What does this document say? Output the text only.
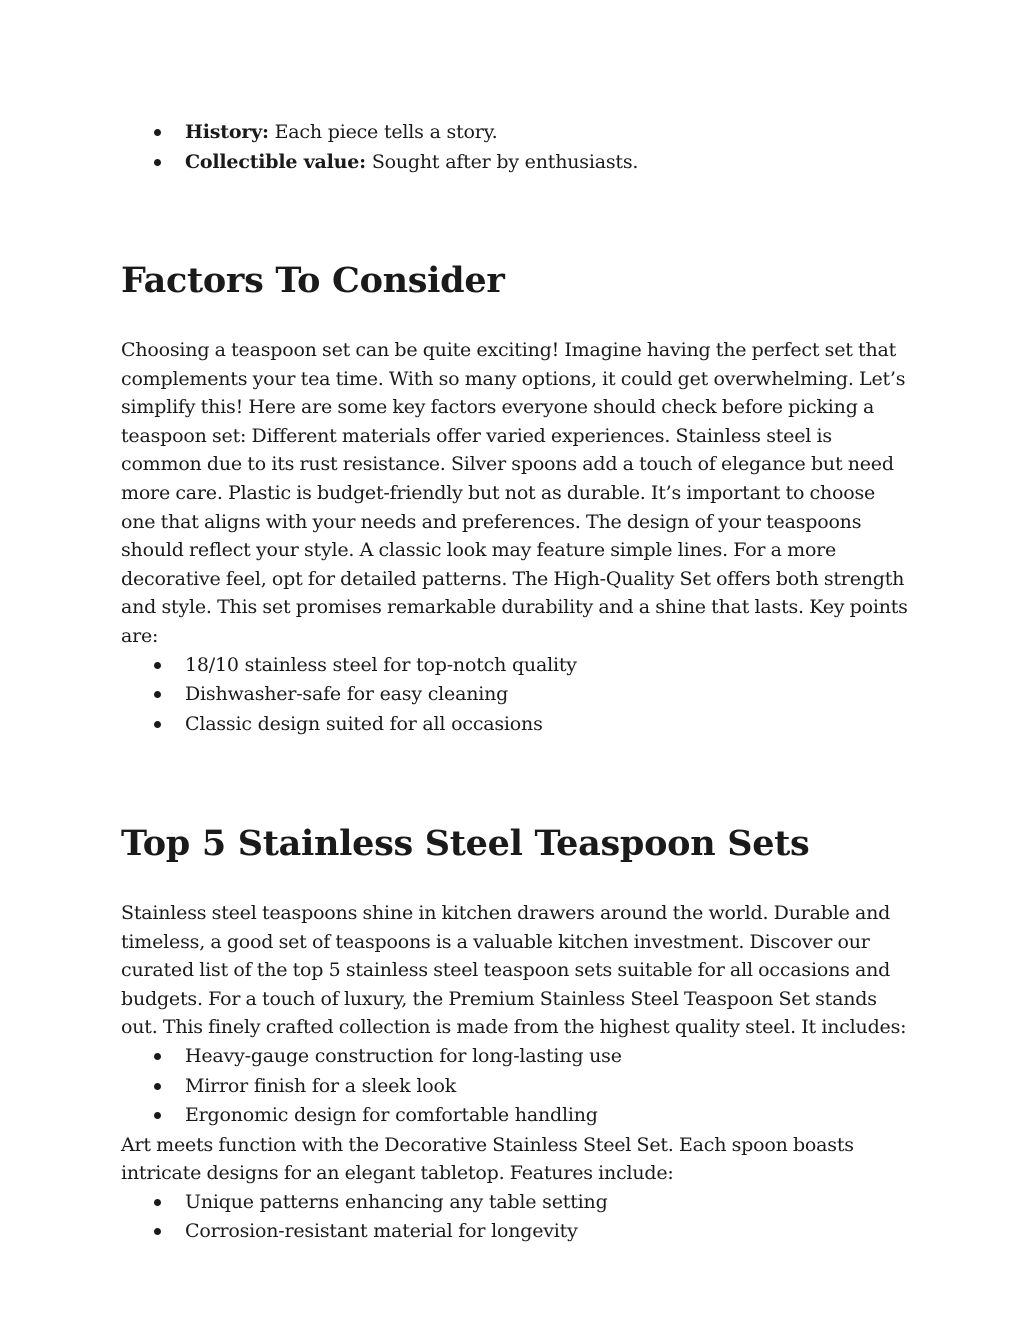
History: Each piece tells a story.
Collectible value: Sought after by enthusiasts.
Factors To Consider

Choosing a teaspoon set can be quite exciting! Imagine having the perfect set that complements your tea time. With so many options, it could get overwhelming. Let’s simplify this! Here are some key factors everyone should check before picking a teaspoon set: Different materials offer varied experiences. Stainless steel is common due to its rust resistance. Silver spoons add a touch of elegance but need more care. Plastic is budget-friendly but not as durable. It’s important to choose one that aligns with your needs and preferences. The design of your teaspoons should reflect your style. A classic look may feature simple lines. For a more decorative feel, opt for detailed patterns. The High-Quality Set offers both strength and style. This set promises remarkable durability and a shine that lasts. Key points are:

18/10 stainless steel for top-notch quality
Dishwasher-safe for easy cleaning
Classic design suited for all occasions
Top 5 Stainless Steel Teaspoon Sets

Stainless steel teaspoons shine in kitchen drawers around the world. Durable and timeless, a good set of teaspoons is a valuable kitchen investment. Discover our curated list of the top 5 stainless steel teaspoon sets suitable for all occasions and budgets. For a touch of luxury, the Premium Stainless Steel Teaspoon Set stands out. This finely crafted collection is made from the highest quality steel. It includes:

Heavy-gauge construction for long-lasting use
Mirror finish for a sleek look
Ergonomic design for comfortable handling

Art meets function with the Decorative Stainless Steel Set. Each spoon boasts intricate designs for an elegant tabletop. Features include:

Unique patterns enhancing any table setting
Corrosion-resistant material for longevity
